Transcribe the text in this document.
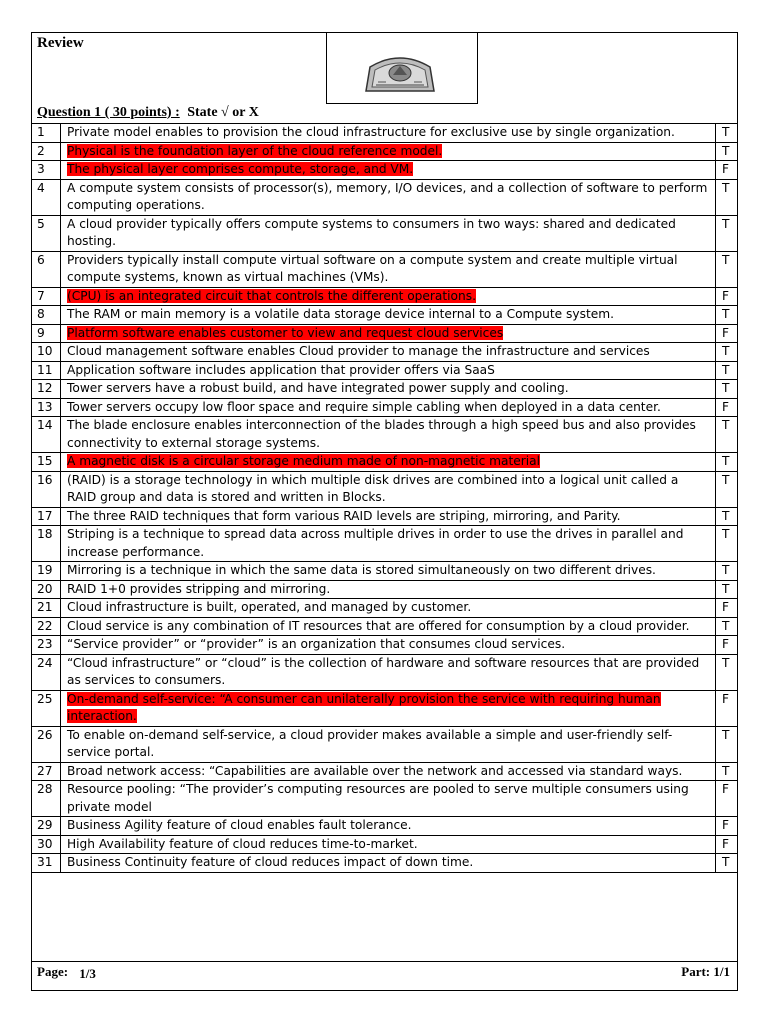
Review
Question 1 ( 30 points) : State √ or X
1	Private model enables to provision the cloud infrastructure for exclusive use by single organization.	T
2	Physical is the foundation layer of the cloud reference model.	T
3	The physical layer comprises compute, storage, and VM.	F
4	A compute system consists of processor(s), memory, I/O devices, and a collection of software to perform computing operations.	T
5	A cloud provider typically offers compute systems to consumers in two ways: shared and dedicated hosting.	T
6	Providers typically install compute virtual software on a compute system and create multiple virtual compute systems, known as virtual machines (VMs).	T
7	(CPU) is an integrated circuit that controls the different operations.	F
8	The RAM or main memory is a volatile data storage device internal to a Compute system.	T
9	Platform software enables customer to view and request cloud services	F
10	Cloud management software enables Cloud provider to manage the infrastructure and services	T
11	Application software includes application that provider offers via SaaS	T
12	Tower servers have a robust build, and have integrated power supply and cooling.	T
13	Tower servers occupy low floor space and require simple cabling when deployed in a data center.	F
14	The blade enclosure enables interconnection of the blades through a high speed bus and also provides connectivity to external storage systems.	T
15	A magnetic disk is a circular storage medium made of non-magnetic material	T
16	(RAID) is a storage technology in which multiple disk drives are combined into a logical unit called a RAID group and data is stored and written in Blocks.	T
17	The three RAID techniques that form various RAID levels are striping, mirroring, and Parity.	T
18	Striping is a technique to spread data across multiple drives in order to use the drives in parallel and increase performance.	T
19	Mirroring is a technique in which the same data is stored simultaneously on two different drives.	T
20	RAID 1+0 provides stripping and mirroring.	T
21	Cloud infrastructure is built, operated, and managed by customer.	F
22	Cloud service is any combination of IT resources that are offered for consumption by a cloud provider.	T
23	“Service provider” or “provider” is an organization that consumes cloud services.	F
24	“Cloud infrastructure” or “cloud” is the collection of hardware and software resources that are provided as services to consumers.	T
25	On-demand self-service: “A consumer can unilaterally provision the service with requiring human interaction.	F
26	To enable on-demand self-service, a cloud provider makes available a simple and user-friendly self-service portal.	T
27	Broad network access: “Capabilities are available over the network and accessed via standard ways.	T
28	Resource pooling: “The provider’s computing resources are pooled to serve multiple consumers using private model	F
29	Business Agility feature of cloud enables fault tolerance.	F
30	High Availability feature of cloud reduces time-to-market.	F
31	Business Continuity feature of cloud reduces impact of down time.	T
Page: 1/3	Part: 1/1
